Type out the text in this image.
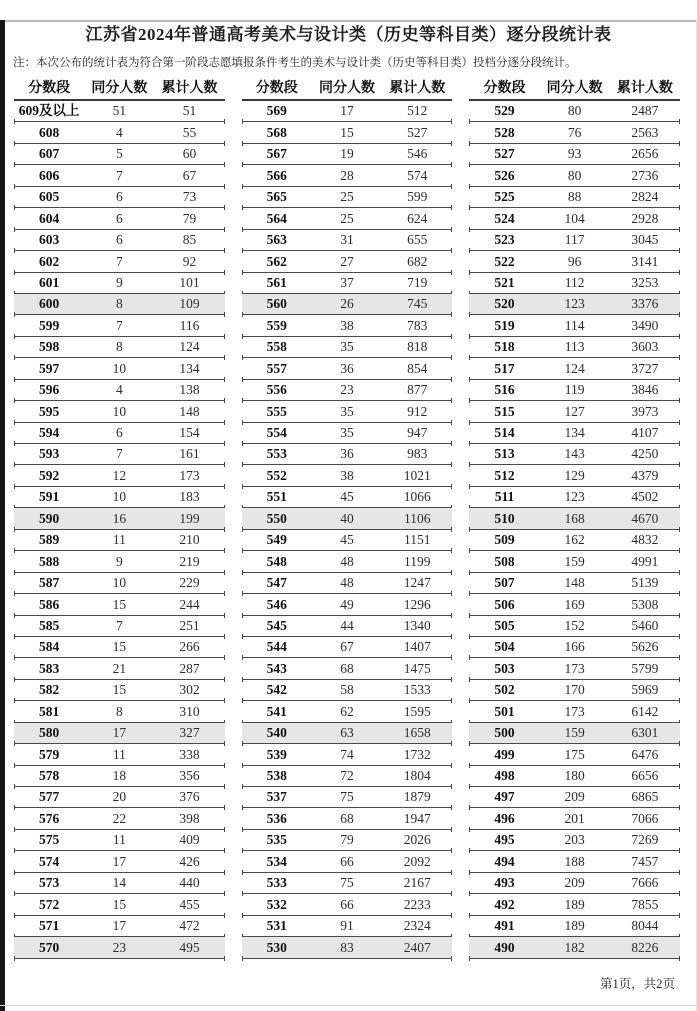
江苏省2024年普通高考美术与设计类（历史等科目类）逐分段统计表
注：本次公布的统计表为符合第一阶段志愿填报条件考生的美术与设计类（历史等科目类）投档分逐分段统计。
分数段	同分人数	累计人数
609及以上	51	51
608	4	55
607	5	60
606	7	67
605	6	73
604	6	79
603	6	85
602	7	92
601	9	101
600	8	109
599	7	116
598	8	124
597	10	134
596	4	138
595	10	148
594	6	154
593	7	161
592	12	173
591	10	183
590	16	199
589	11	210
588	9	219
587	10	229
586	15	244
585	7	251
584	15	266
583	21	287
582	15	302
581	8	310
580	17	327
579	11	338
578	18	356
577	20	376
576	22	398
575	11	409
574	17	426
573	14	440
572	15	455
571	17	472
570	23	495
分数段	同分人数	累计人数
569	17	512
568	15	527
567	19	546
566	28	574
565	25	599
564	25	624
563	31	655
562	27	682
561	37	719
560	26	745
559	38	783
558	35	818
557	36	854
556	23	877
555	35	912
554	35	947
553	36	983
552	38	1021
551	45	1066
550	40	1106
549	45	1151
548	48	1199
547	48	1247
546	49	1296
545	44	1340
544	67	1407
543	68	1475
542	58	1533
541	62	1595
540	63	1658
539	74	1732
538	72	1804
537	75	1879
536	68	1947
535	79	2026
534	66	2092
533	75	2167
532	66	2233
531	91	2324
530	83	2407
分数段	同分人数	累计人数
529	80	2487
528	76	2563
527	93	2656
526	80	2736
525	88	2824
524	104	2928
523	117	3045
522	96	3141
521	112	3253
520	123	3376
519	114	3490
518	113	3603
517	124	3727
516	119	3846
515	127	3973
514	134	4107
513	143	4250
512	129	4379
511	123	4502
510	168	4670
509	162	4832
508	159	4991
507	148	5139
506	169	5308
505	152	5460
504	166	5626
503	173	5799
502	170	5969
501	173	6142
500	159	6301
499	175	6476
498	180	6656
497	209	6865
496	201	7066
495	203	7269
494	188	7457
493	209	7666
492	189	7855
491	189	8044
490	182	8226
第1页，共2页
